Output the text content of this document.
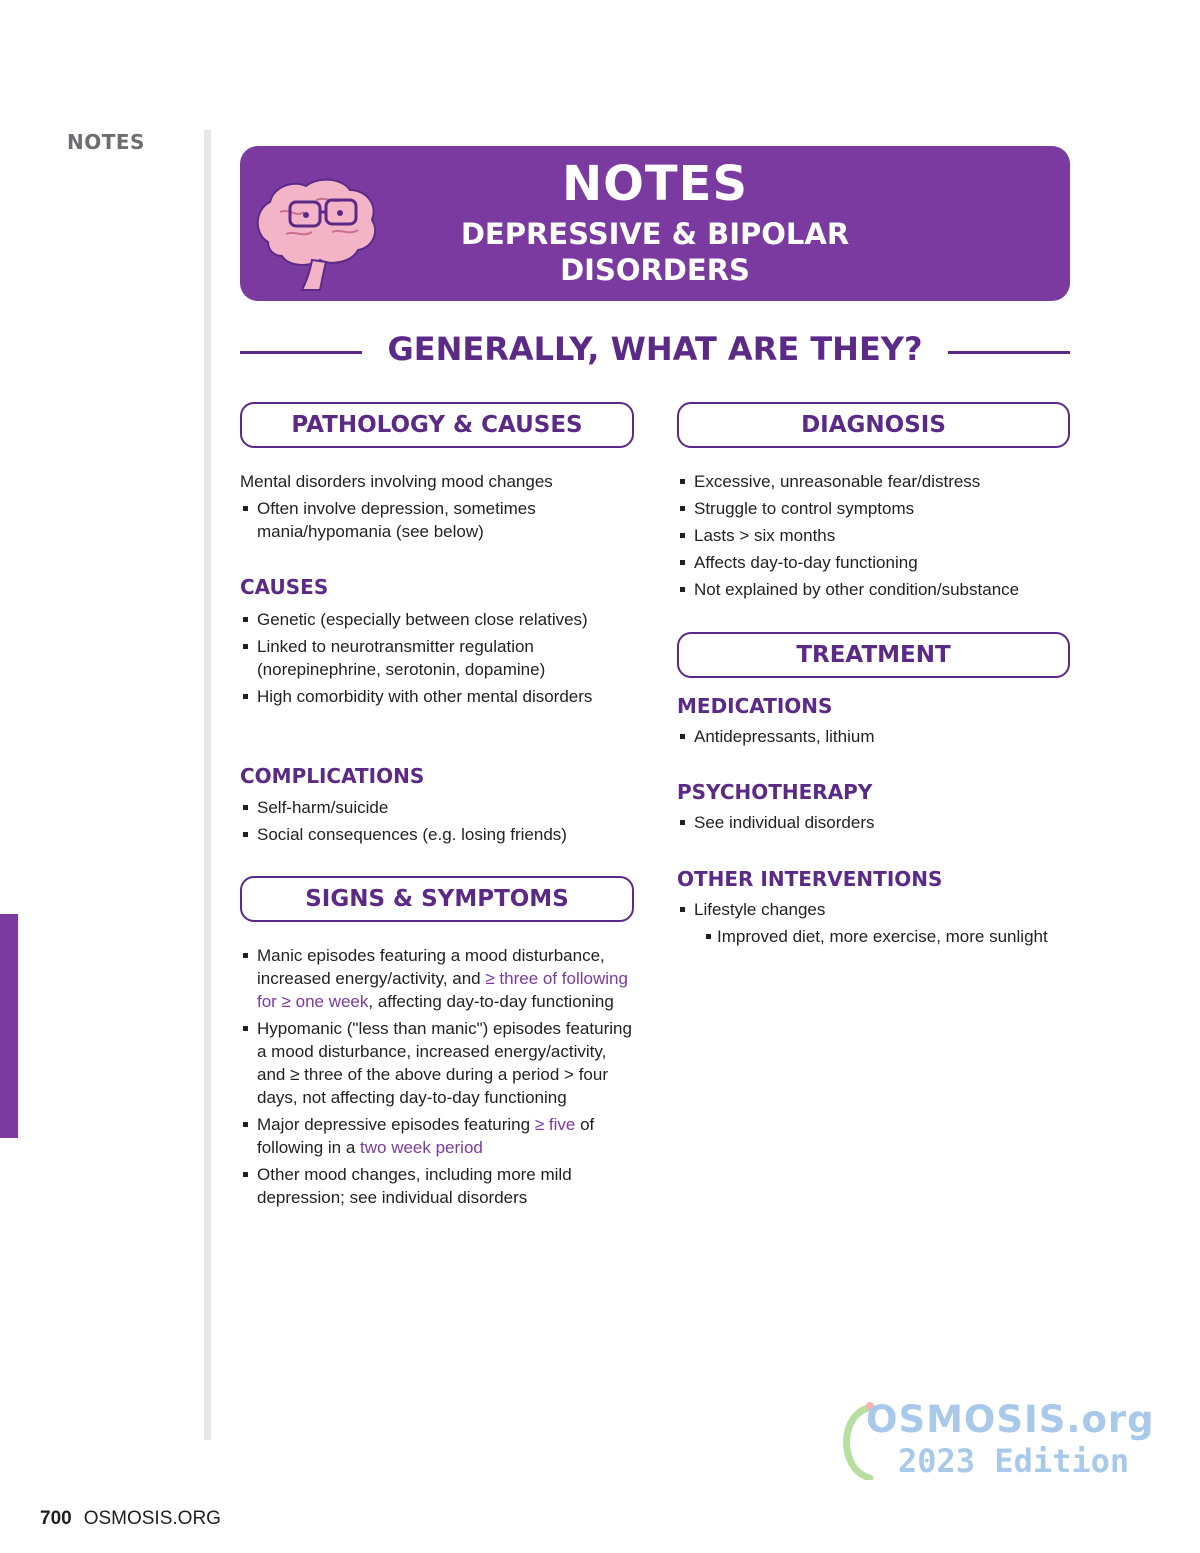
NOTES
NOTES
DEPRESSIVE & BIPOLAR
DISORDERS
GENERALLY, WHAT ARE THEY?
PATHOLOGY & CAUSES
Mental disorders involving mood changes
Often involve depression, sometimes mania/hypomania (see below)
CAUSES
Genetic (especially between close relatives)
Linked to neurotransmitter regulation (norepinephrine, serotonin, dopamine)
High comorbidity with other mental disorders
COMPLICATIONS
Self-harm/suicide
Social consequences (e.g. losing friends)
SIGNS & SYMPTOMS
Manic episodes featuring a mood disturbance, increased energy/activity, and ≥ three of following for ≥ one week, affecting day-to-day functioning
Hypomanic ("less than manic") episodes featuring a mood disturbance, increased energy/activity, and ≥ three of the above during a period > four days, not affecting day-to-day functioning
Major depressive episodes featuring ≥ five of following in a two week period
Other mood changes, including more mild depression; see individual disorders
DIAGNOSIS
Excessive, unreasonable fear/distress
Struggle to control symptoms
Lasts > six months
Affects day-to-day functioning
Not explained by other condition/substance
TREATMENT
MEDICATIONS
Antidepressants, lithium
PSYCHOTHERAPY
See individual disorders
OTHER INTERVENTIONS
Lifestyle changes
Improved diet, more exercise, more sunlight
OSMOSIS.org
2023 Edition
700 OSMOSIS.ORG
